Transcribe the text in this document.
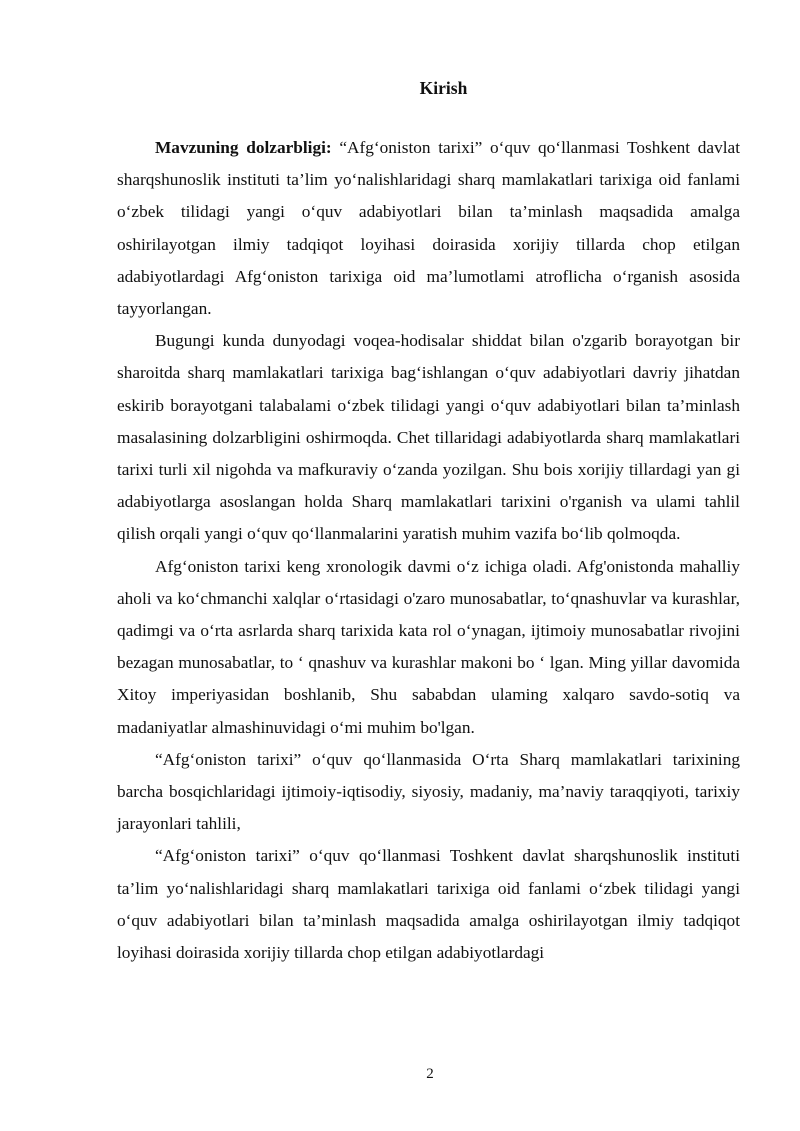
Kirish

Mavzuning dolzarbligi: “Afg‘oniston tarixi” o‘quv qo‘llanmasi Toshkent davlat sharqshunoslik instituti ta’lim yo‘nalishlaridagi sharq mamlakatlari tarixiga oid fanlami o‘zbek tilidagi yangi o‘quv adabiyotlari bilan ta’minlash maqsadida amalga oshirilayotgan ilmiy tadqiqot loyihasi doirasida xorijiy tillarda chop etilgan adabiyotlardagi Afg‘oniston tarixiga oid ma’lumotlami atroflicha o‘rganish asosida tayyorlangan.

Bugungi kunda dunyodagi voqea-hodisalar shiddat bilan o'zgarib borayotgan bir sharoitda sharq mamlakatlari tarixiga bag‘ishlangan o‘quv adabiyotlari davriy jihatdan eskirib borayotgani talabalami o‘zbek tilidagi yangi o‘quv adabiyotlari bilan ta’minlash masalasining dolzarbligini oshirmoqda. Chet tillaridagi adabiyotlarda sharq mamlakatlari tarixi turli xil nigohda va mafkuraviy o‘zanda yozilgan. Shu bois xorijiy tillardagi yan gi adabiyotlarga asoslangan holda Sharq mamlakatlari tarixini o'rganish va ulami tahlil qilish orqali yangi o‘quv qo‘llanmalarini yaratish muhim vazifa bo‘lib qolmoqda.

Afg‘oniston tarixi keng xronologik davmi o‘z ichiga oladi. Afg'onistonda mahalliy aholi va ko‘chmanchi xalqlar o‘rtasidagi o'zaro munosabatlar, to‘qnashuvlar va kurashlar, qadimgi va o‘rta asrlarda sharq tarixida kata rol o‘ynagan, ijtimoiy munosabatlar rivojini bezagan munosabatlar, to ‘ qnashuv va kurashlar makoni bo ‘ lgan. Ming yillar davomida Xitoy imperiyasidan boshlanib, Shu sababdan ulaming xalqaro savdo-sotiq va madaniyatlar almashinuvidagi o‘mi muhim bo'lgan.

“Afg‘oniston tarixi” o‘quv qo‘llanmasida O‘rta Sharq mamlakatlari tarixining barcha bosqichlaridagi ijtimoiy-iqtisodiy, siyosiy, madaniy, ma’naviy taraqqiyoti, tarixiy jarayonlari tahlili,

“Afg‘oniston tarixi” o‘quv qo‘llanmasi Toshkent davlat sharqshunoslik instituti ta’lim yo‘nalishlaridagi sharq mamlakatlari tarixiga oid fanlami o‘zbek tilidagi yangi o‘quv adabiyotlari bilan ta’minlash maqsadida amalga oshirilayotgan ilmiy tadqiqot loyihasi doirasida xorijiy tillarda chop etilgan adabiyotlardagi

2
